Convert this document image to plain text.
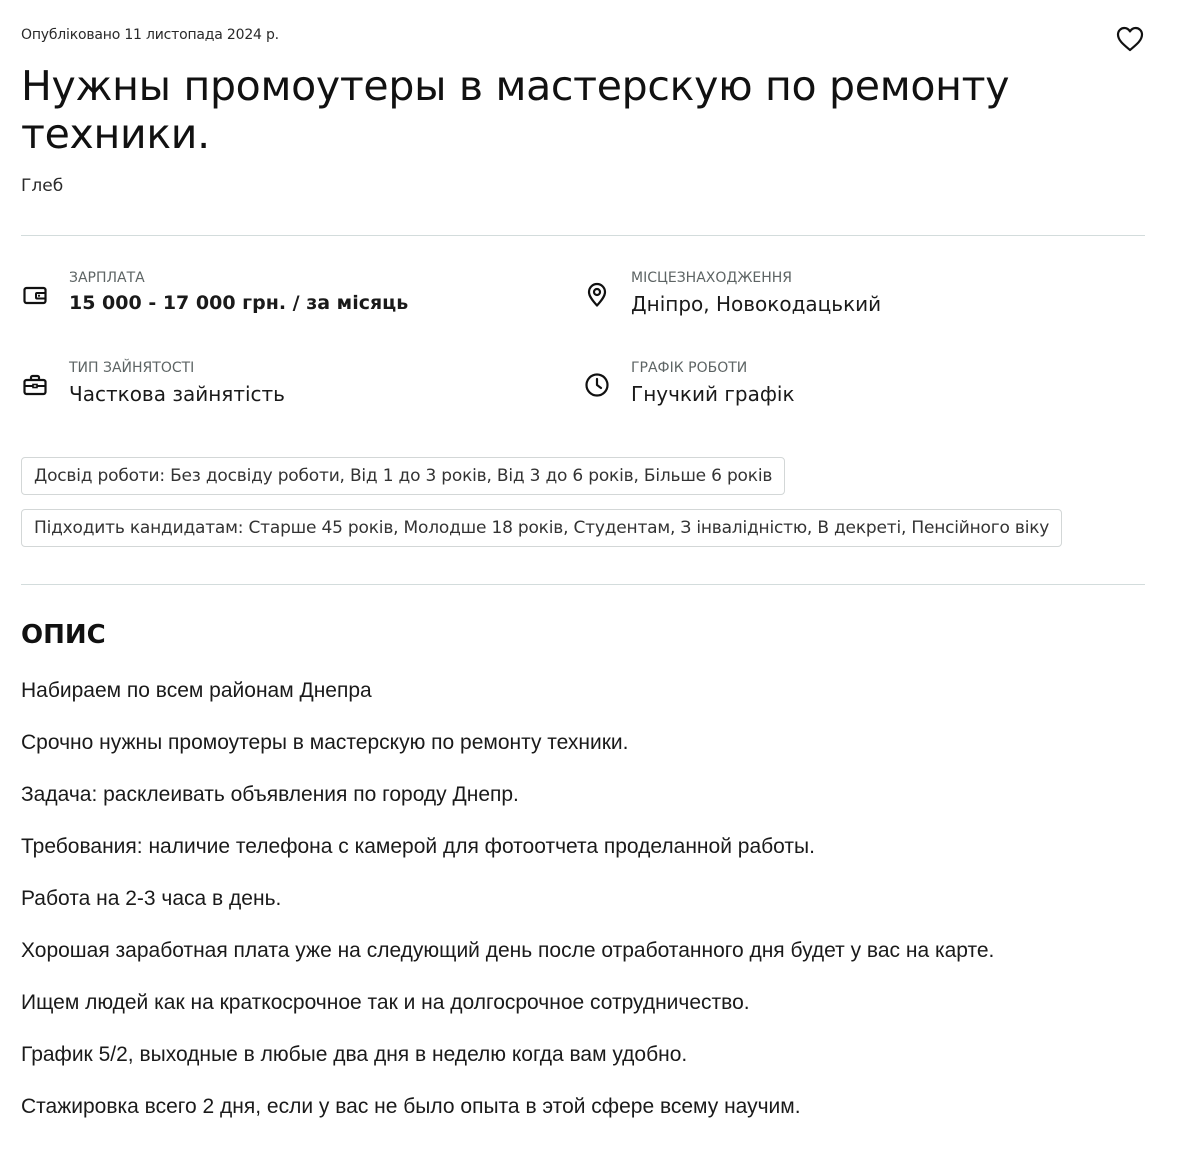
Опубліковано 11 листопада 2024 р.
Нужны промоутеры в мастерскую по ремонту техники.
Глеб
ЗАРПЛАТА
15 000 - 17 000 грн. / за місяць
МІСЦЕЗНАХОДЖЕННЯ
Дніпро, Новокодацький
ТИП ЗАЙНЯТОСТІ
Часткова зайнятість
ГРАФІК РОБОТИ
Гнучкий графік
Досвід роботи: Без досвіду роботи, Від 1 до 3 років, Від 3 до 6 років, Більше 6 років
Підходить кандидатам: Старше 45 років, Молодше 18 років, Студентам, З інвалідністю, В декреті, Пенсійного віку
ОПИС
Набираем по всем районам Днепра
Срочно нужны промоутеры в мастерскую по ремонту техники.
Задача: расклеивать объявления по городу Днепр.
Требования: наличие телефона с камерой для фотоотчета проделанной работы.
Работа на 2-3 часа в день.
Хорошая заработная плата уже на следующий день после отработанного дня будет у вас на карте.
Ищем людей как на краткосрочное так и на долгосрочное сотрудничество.
График 5/2, выходные в любые два дня в неделю когда вам удобно.
Стажировка всего 2 дня, если у вас не было опыта в этой сфере всему научим.
